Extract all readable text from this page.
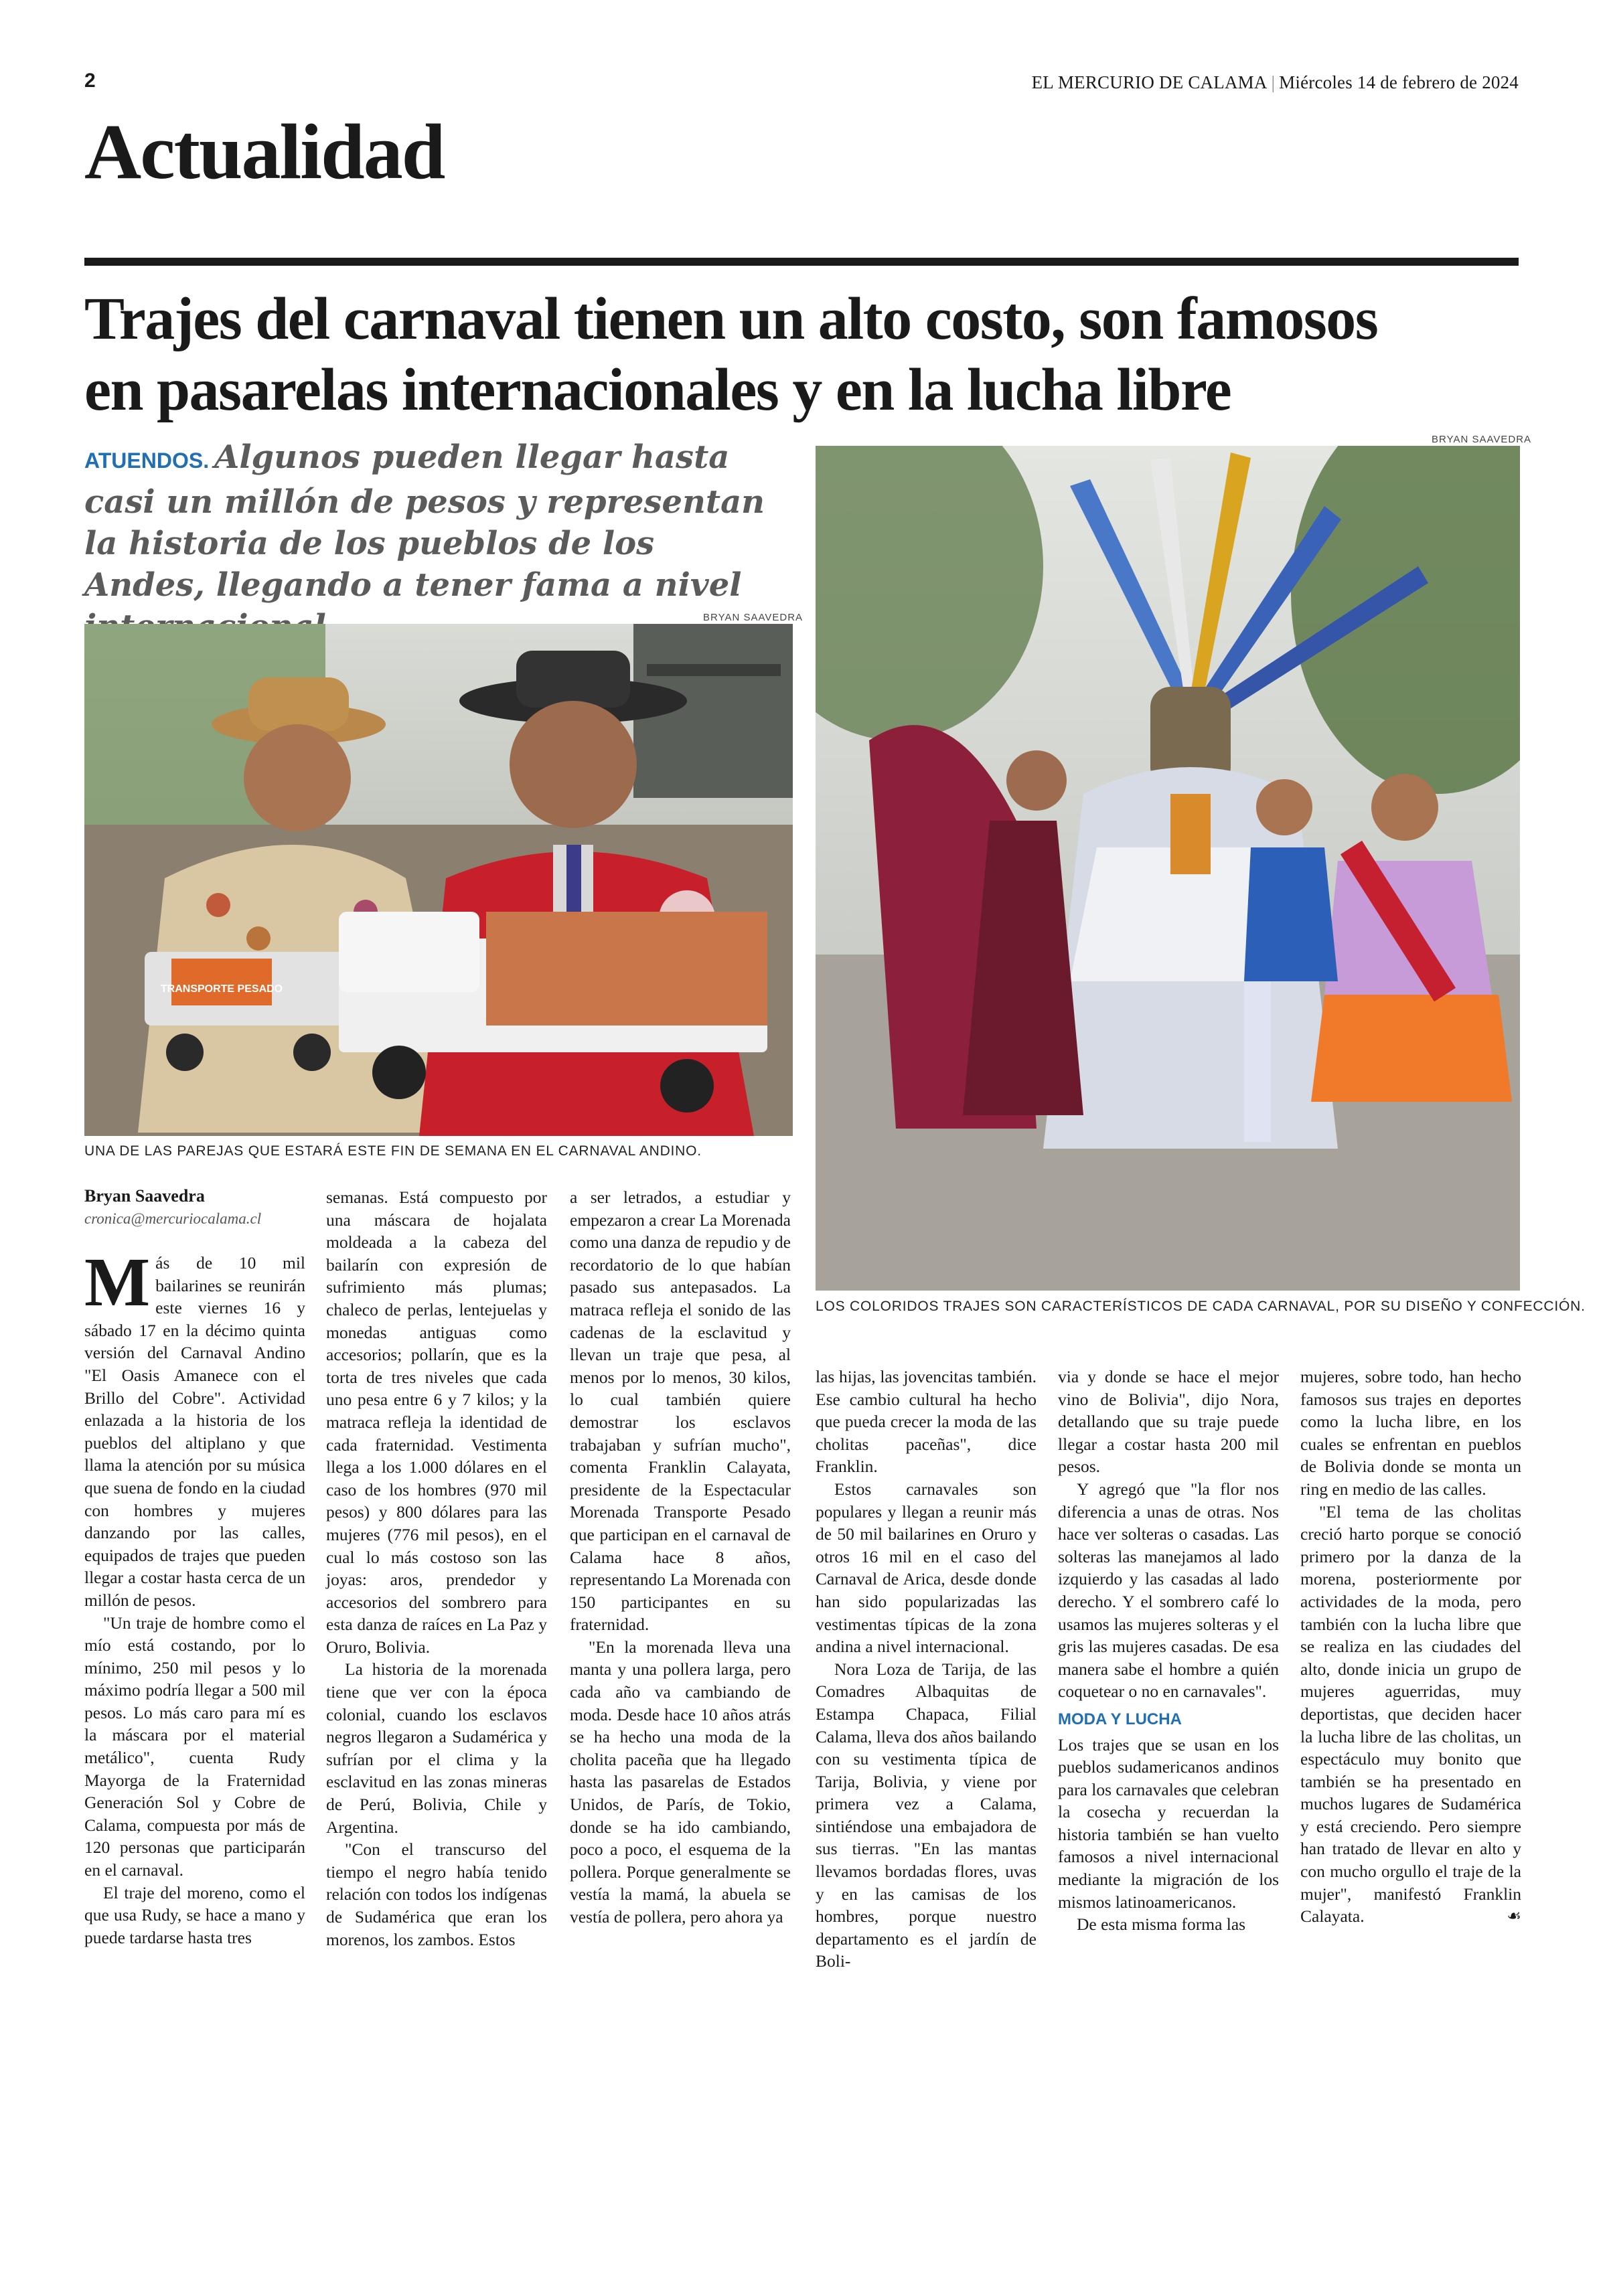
2	EL MERCURIO DE CALAMA | Miércoles 14 de febrero de 2024
Actualidad
Trajes del carnaval tienen un alto costo, son famosos
en pasarelas internacionales y en la lucha libre
ATUENDOS. Algunos pueden llegar hasta casi un millón de pesos y representan la historia de los pueblos de los Andes, llegando a tener fama a nivel
BRYAN SAAVEDRA
TRANSPORTE PESADO
UNA DE LAS PAREJAS QUE ESTARÁ ESTE FIN DE SEMANA EN EL CARNAVAL ANDINO.
BRYAN SAAVEDRA
LOS COLORIDOS TRAJES SON CARACTERÍSTICOS DE CADA CARNAVAL, POR SU DISEÑO Y CONFECCIÓN.
Bryan Saavedra
cronica@mercuriocalama.cl

Más de 10 mil bailarines se reunirán este viernes 16 y sábado 17 en la décimo quinta versión del Carnaval Andino "El Oasis Amanece con el Brillo del Cobre". Actividad enlazada a la historia de los pueblos del altiplano y que llama la atención por su música que suena de fondo en la ciudad con hombres y mujeres danzando por las calles, equipados de trajes que pueden llegar a costar hasta cerca de un millón de pesos.

"Un traje de hombre como el mío está costando, por lo mínimo, 250 mil pesos y lo máximo podría llegar a 500 mil pesos. Lo más caro para mí es la máscara por el material metálico", cuenta Rudy Mayorga de la Fraternidad Generación Sol y Cobre de Calama, compuesta por más de 120 personas que participarán en el carnaval.

El traje del moreno, como el que usa Rudy, se hace a mano y puede tardarse hasta tres

semanas. Está compuesto por una máscara de hojalata moldeada a la cabeza del bailarín con expresión de sufrimiento más plumas; chaleco de perlas, lentejuelas y monedas antiguas como accesorios; pollarín, que es la torta de tres niveles que cada uno pesa entre 6 y 7 kilos; y la matraca refleja la identidad de cada fraternidad. Vestimenta llega a los 1.000 dólares en el caso de los hombres (970 mil pesos) y 800 dólares para las mujeres (776 mil pesos), en el cual lo más costoso son las joyas: aros, prendedor y accesorios del sombrero para esta danza de raíces en La Paz y Oruro, Bolivia.

La historia de la morenada tiene que ver con la época colonial, cuando los esclavos negros llegaron a Sudamérica y sufrían por el clima y la esclavitud en las zonas mineras de Perú, Bolivia, Chile y Argentina.

"Con el transcurso del tiempo el negro había tenido relación con todos los indígenas de Sudamérica que eran los morenos, los zambos. Estos

a ser letrados, a estudiar y empezaron a crear La Morenada como una danza de repudio y de recordatorio de lo que habían pasado sus antepasados. La matraca refleja el sonido de las cadenas de la esclavitud y llevan un traje que pesa, al menos por lo menos, 30 kilos, lo cual también quiere demostrar los esclavos trabajaban y sufrían mucho", comenta Franklin Calayata, presidente de la Espectacular Morenada Transporte Pesado que participan en el carnaval de Calama hace 8 años, representando La Morenada con 150 participantes en su fraternidad.

"En la morenada lleva una manta y una pollera larga, pero cada año va cambiando de moda. Desde hace 10 años atrás se ha hecho una moda de la cholita paceña que ha llegado hasta las pasarelas de Estados Unidos, de París, de Tokio, donde se ha ido cambiando, poco a poco, el esquema de la pollera. Porque generalmente se vestía la mamá, la abuela se vestía de pollera, pero ahora ya

las hijas, las jovencitas también. Ese cambio cultural ha hecho que pueda crecer la moda de las cholitas paceñas", dice Franklin.

Estos carnavales son populares y llegan a reunir más de 50 mil bailarines en Oruro y otros 16 mil en el caso del Carnaval de Arica, desde donde han sido popularizadas las vestimentas típicas de la zona andina a nivel internacional.

Nora Loza de Tarija, de las Comadres Albaquitas de Estampa Chapaca, Filial Calama, lleva dos años bailando con su vestimenta típica de Tarija, Bolivia, y viene por primera vez a Calama, sintiéndose una embajadora de sus tierras. "En las mantas llevamos bordadas flores, uvas y en las camisas de los hombres, porque nuestro departamento es el jardín de Boli-

via y donde se hace el mejor vino de Bolivia", dijo Nora, detallando que su traje puede llegar a costar hasta 200 mil pesos.

Y agregó que "la flor nos diferencia a unas de otras. Nos hace ver solteras o casadas. Las solteras las manejamos al lado izquierdo y las casadas al lado derecho. Y el sombrero café lo usamos las mujeres solteras y el gris las mujeres casadas. De esa manera sabe el hombre a quién coquetear o no en carnavales".

MODA Y LUCHA

Los trajes que se usan en los pueblos sudamericanos andinos para los carnavales que celebran la cosecha y recuerdan la historia también se han vuelto famosos a nivel internacional mediante la migración de los mismos latinoamericanos.

De esta misma forma las

mujeres, sobre todo, han hecho famosos sus trajes en deportes como la lucha libre, en los cuales se enfrentan en pueblos de Bolivia donde se monta un ring en medio de las calles.

"El tema de las cholitas creció harto porque se conoció primero por la danza de la morena, posteriormente por actividades de la moda, pero también con la lucha libre que se realiza en las ciudades del alto, donde inicia un grupo de mujeres aguerridas, muy deportistas, que deciden hacer la lucha libre de las cholitas, un espectáculo muy bonito que también se ha presentado en muchos lugares de Sudamérica y está creciendo. Pero siempre han tratado de llevar en alto y con mucho orgullo el traje de la mujer", manifestó Franklin Calayata.	☙
